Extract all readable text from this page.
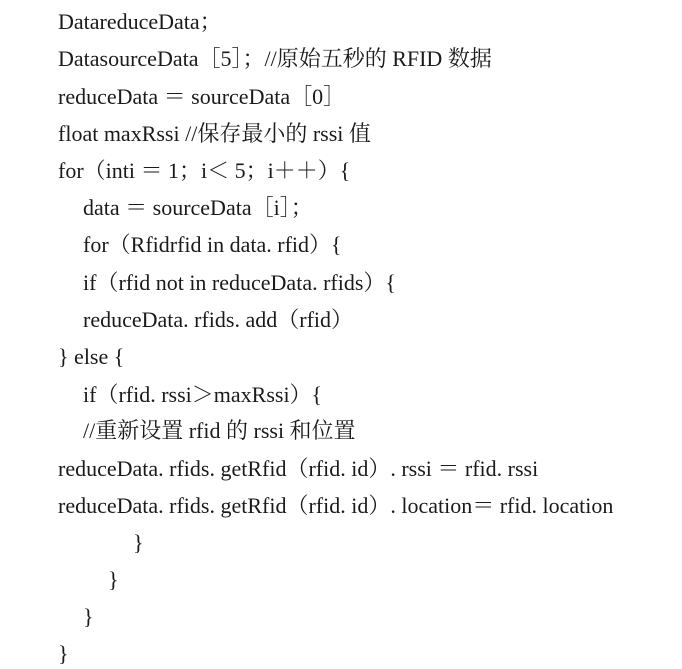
DatareduceData；
DatasourceData［5］；//原始五秒的 RFID 数据
reduceData ＝ sourceData［0］
float maxRssi //保存最小的 rssi 值
for（inti ＝ 1；i＜ 5；i＋＋）{
data ＝ sourceData［i］；
for（Rfidrfid in data. rfid）{
if（rfid not in reduceData. rfids）{
reduceData. rfids. add（rfid）
} else {
if（rfid. rssi＞maxRssi）{
//重新设置 rfid 的 rssi 和位置
reduceData. rfids. getRfid（rfid. id）. rssi ＝ rfid. rssi
reduceData. rfids. getRfid（rfid. id）. location＝ rfid. location
}
}
}
}
